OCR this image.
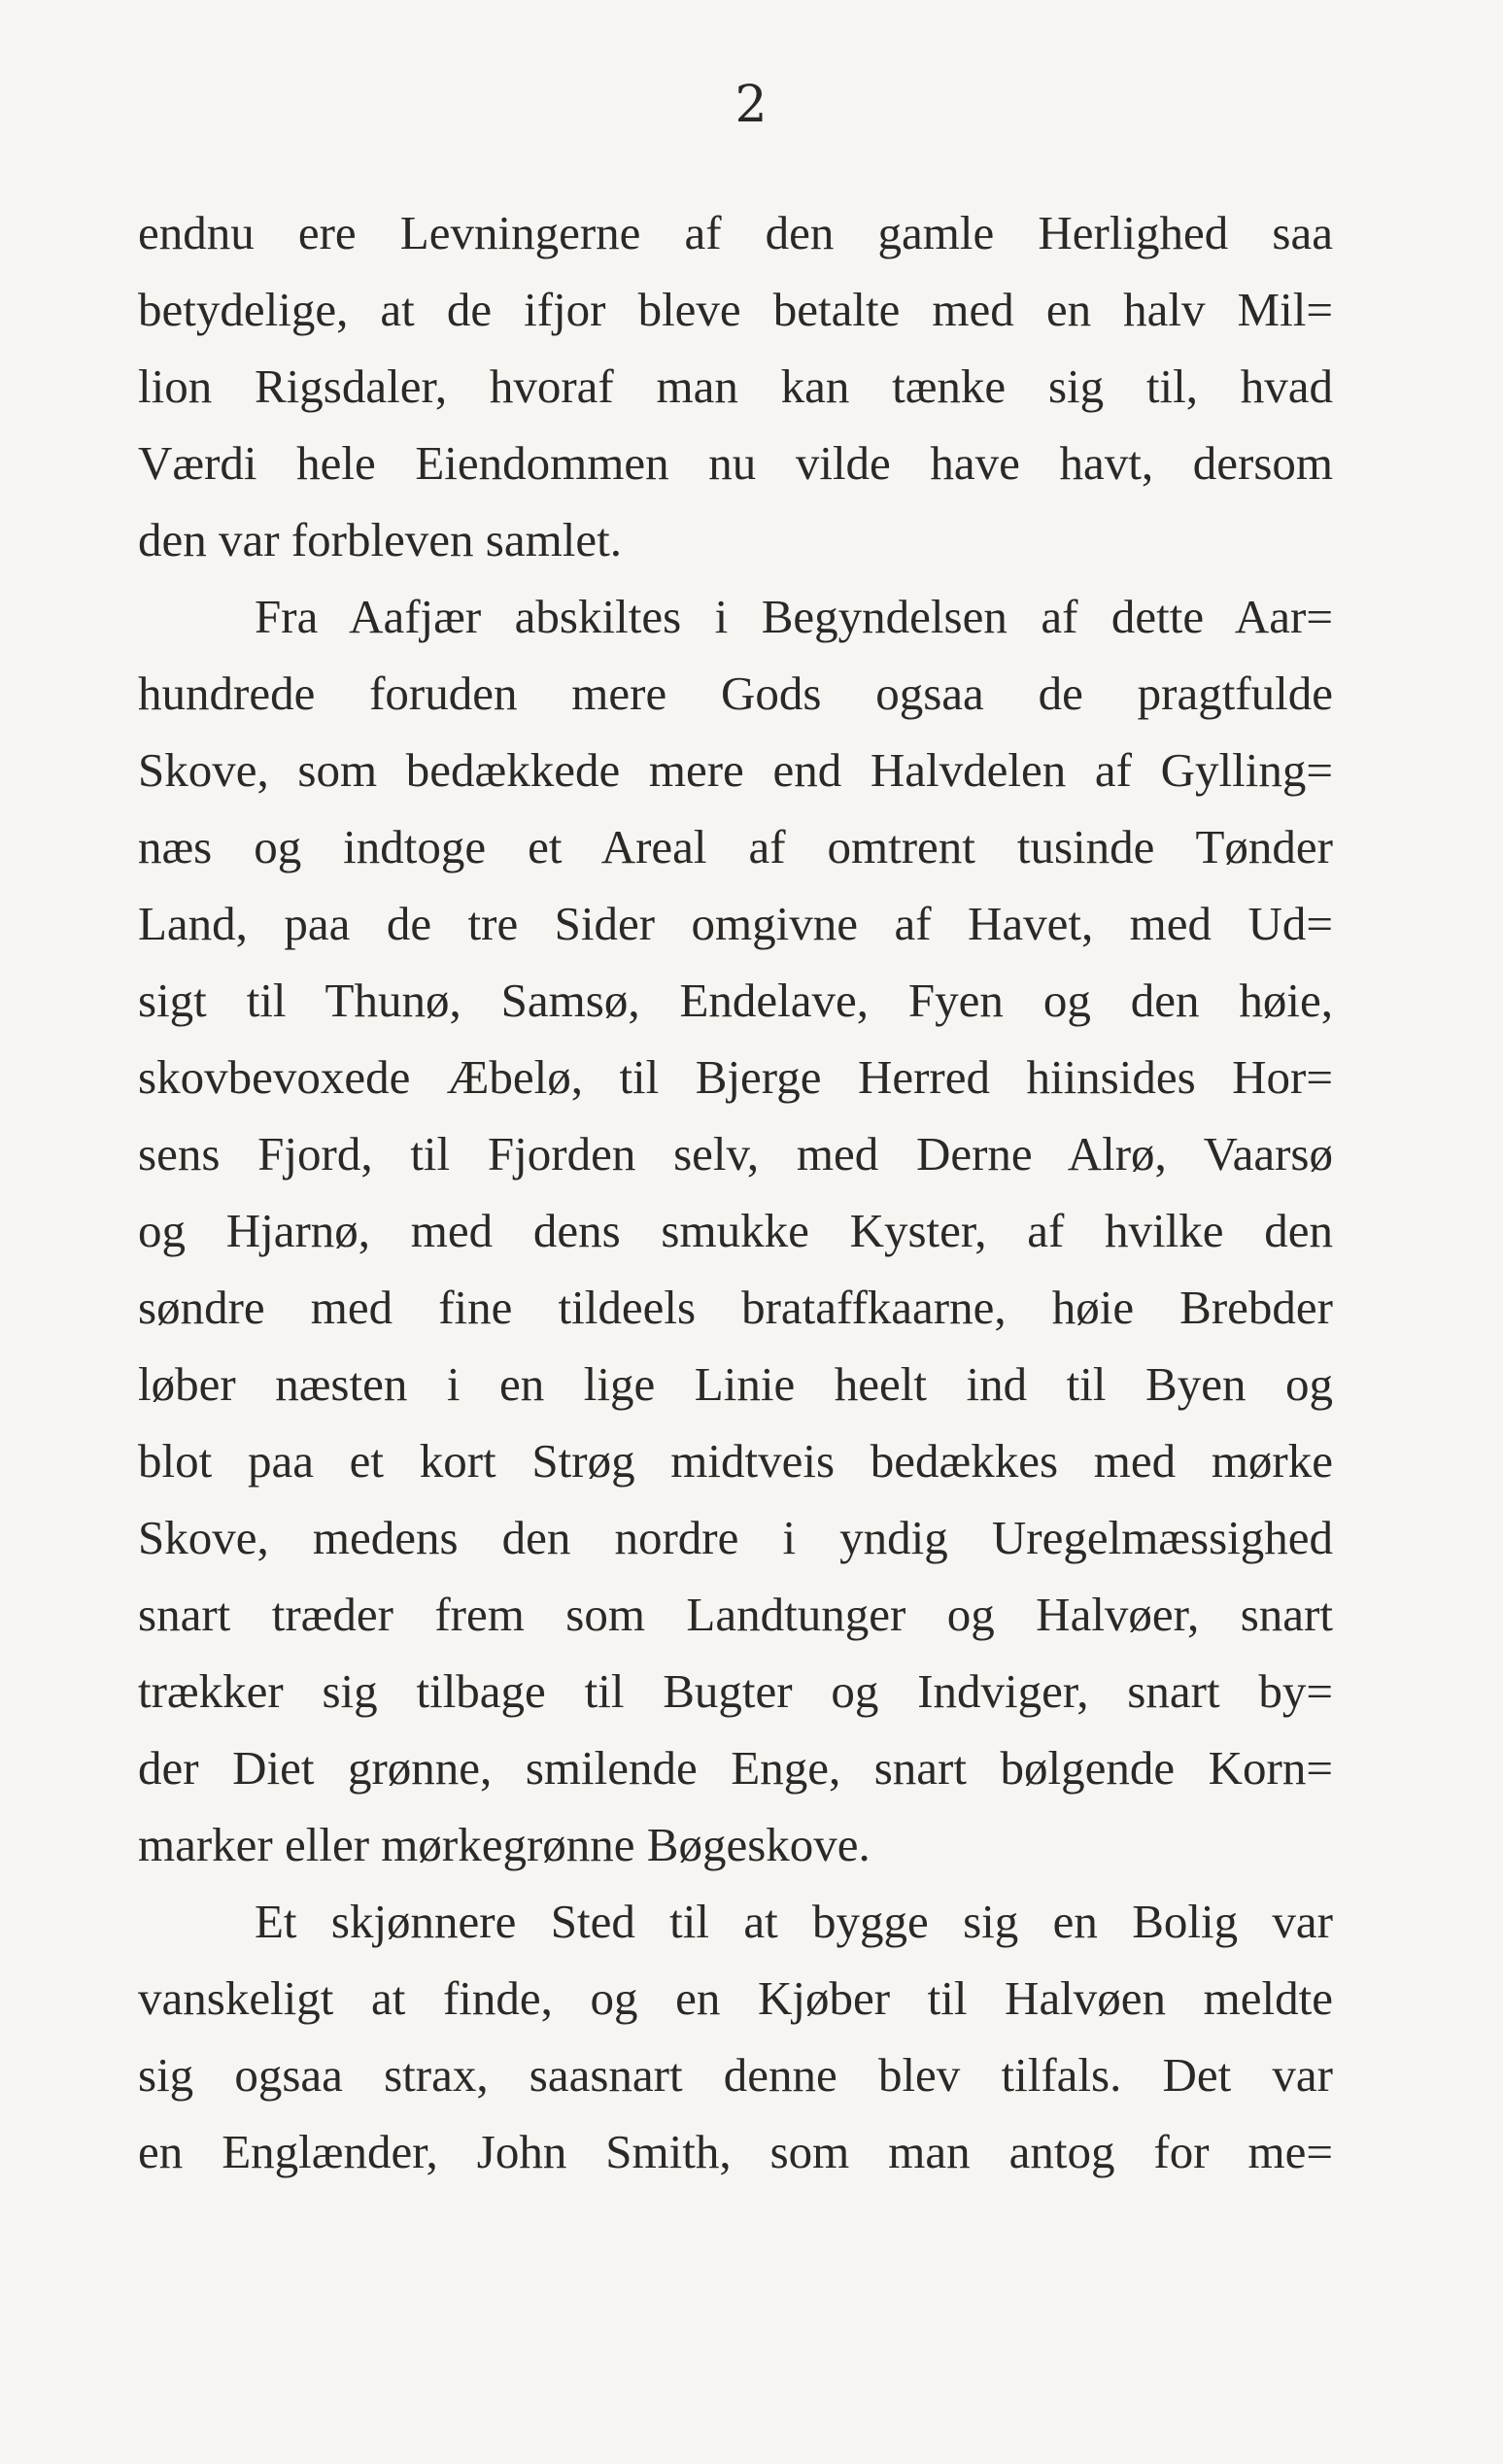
2
endnu ere Levningerne af den gamle Herlighed saa
betydelige, at de ifjor bleve betalte med en halv Mil=
lion Rigsdaler, hvoraf man kan tænke sig til, hvad
Værdi hele Eiendommen nu vilde have havt, dersom
den var forbleven samlet.
Fra Aafjær abskiltes i Begyndelsen af dette Aar=
hundrede foruden mere Gods ogsaa de pragtfulde
Skove, som bedækkede mere end Halvdelen af Gylling=
næs og indtoge et Areal af omtrent tusinde Tønder
Land, paa de tre Sider omgivne af Havet, med Ud=
sigt til Thunø, Samsø, Endelave, Fyen og den høie,
skovbevoxede Æbelø, til Bjerge Herred hiinsides Hor=
sens Fjord, til Fjorden selv, med Derne Alrø, Vaarsø
og Hjarnø, med dens smukke Kyster, af hvilke den
søndre med fine tildeels brataffkaarne, høie Brebder
løber næsten i en lige Linie heelt ind til Byen og
blot paa et kort Strøg midtveis bedækkes med mørke
Skove, medens den nordre i yndig Uregelmæssighed
snart træder frem som Landtunger og Halvøer, snart
trækker sig tilbage til Bugter og Indviger, snart by=
der Diet grønne, smilende Enge, snart bølgende Korn=
marker eller mørkegrønne Bøgeskove.
Et skjønnere Sted til at bygge sig en Bolig var
vanskeligt at finde, og en Kjøber til Halvøen meldte
sig ogsaa strax, saasnart denne blev tilfals. Det var
en Englænder, John Smith, som man antog for me=
